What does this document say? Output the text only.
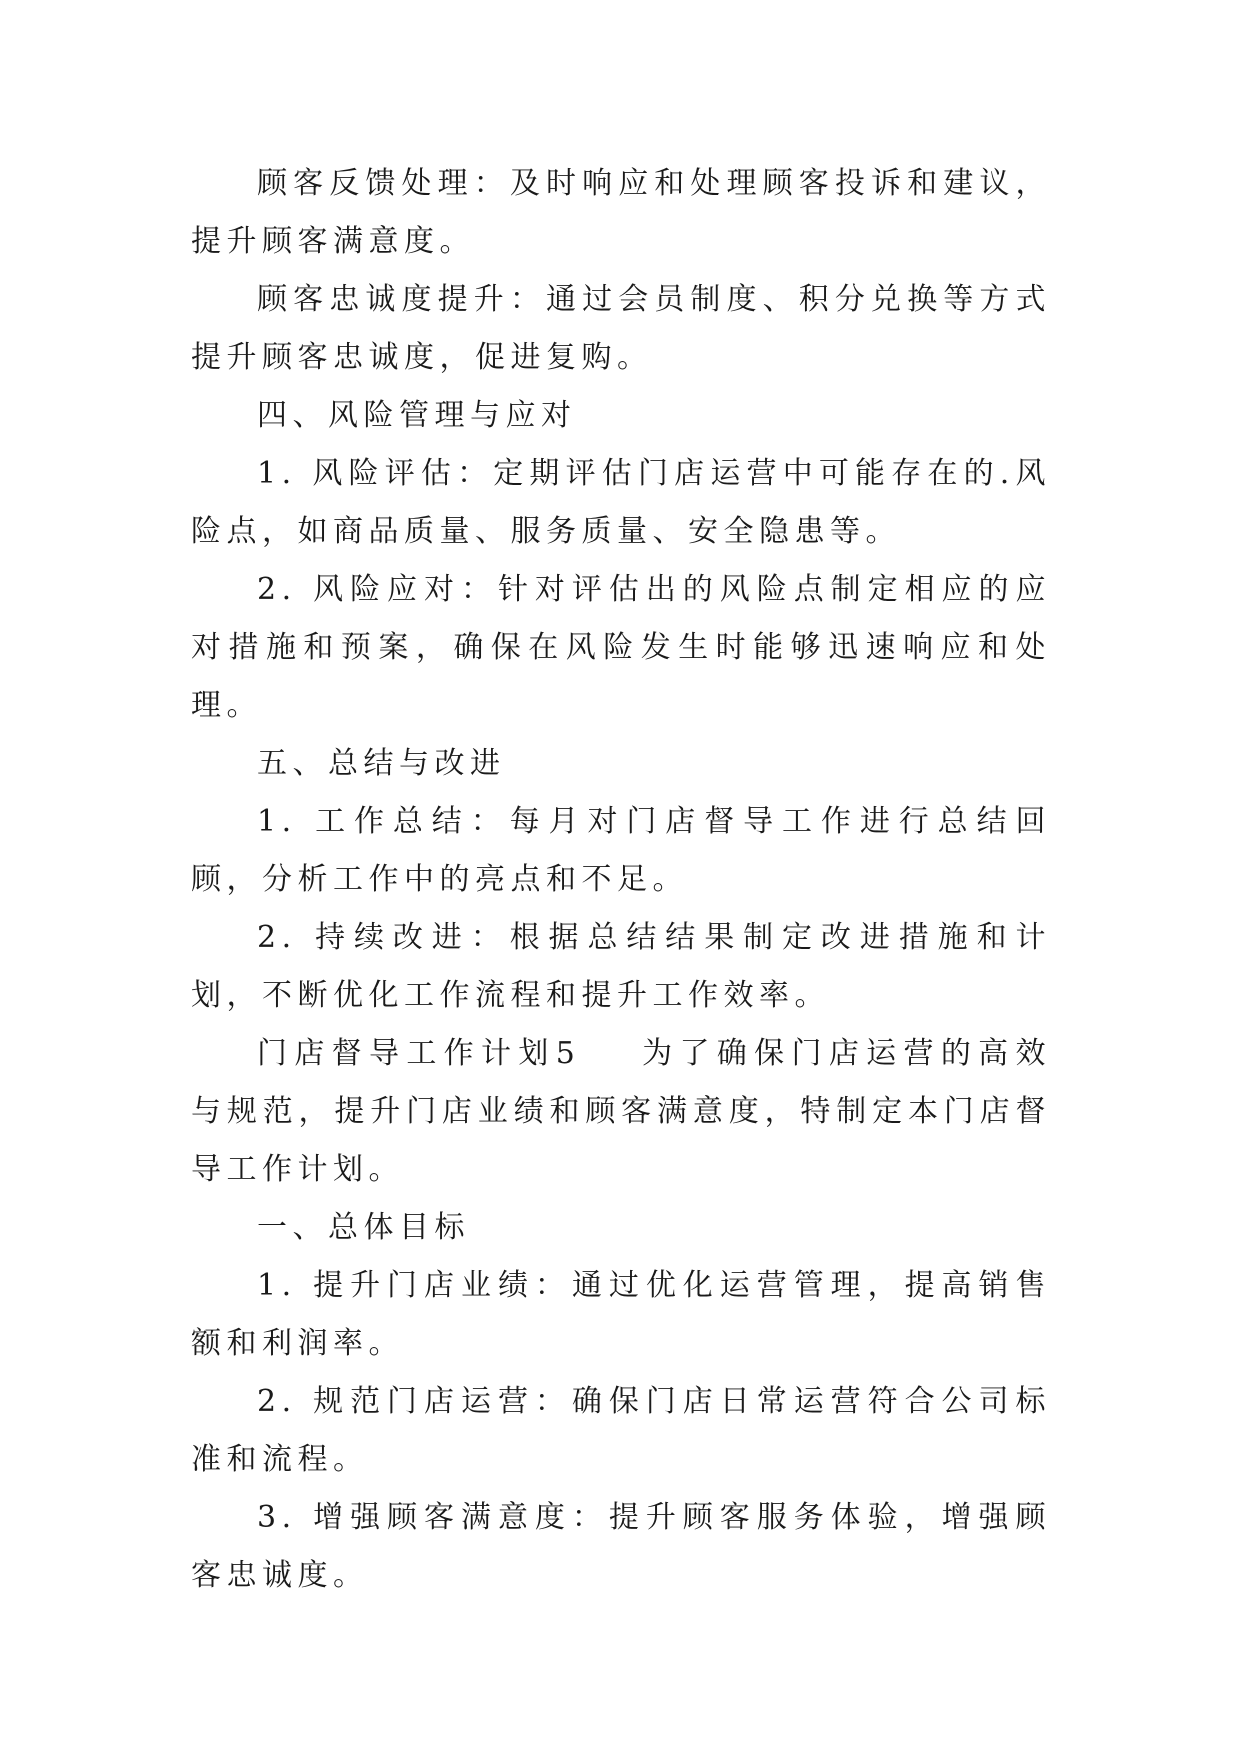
顾客反馈处理：及时响应和处理顾客投诉和建议，提升顾客满意度。

顾客忠诚度提升：通过会员制度、积分兑换等方式提升顾客忠诚度，促进复购。

四、风险管理与应对

1. 风险评估：定期评估门店运营中可能存在的.风险点，如商品质量、服务质量、安全隐患等。

2. 风险应对：针对评估出的风险点制定相应的应对措施和预案，确保在风险发生时能够迅速响应和处理。

五、总结与改进

1. 工作总结：每月对门店督导工作进行总结回顾，分析工作中的亮点和不足。

2. 持续改进：根据总结结果制定改进措施和计划，不断优化工作流程和提升工作效率。

门店督导工作计划5 为了确保门店运营的高效与规范，提升门店业绩和顾客满意度，特制定本门店督导工作计划。

一、总体目标

1. 提升门店业绩：通过优化运营管理，提高销售额和利润率。

2. 规范门店运营：确保门店日常运营符合公司标准和流程。

3. 增强顾客满意度：提升顾客服务体验，增强顾客忠诚度。
